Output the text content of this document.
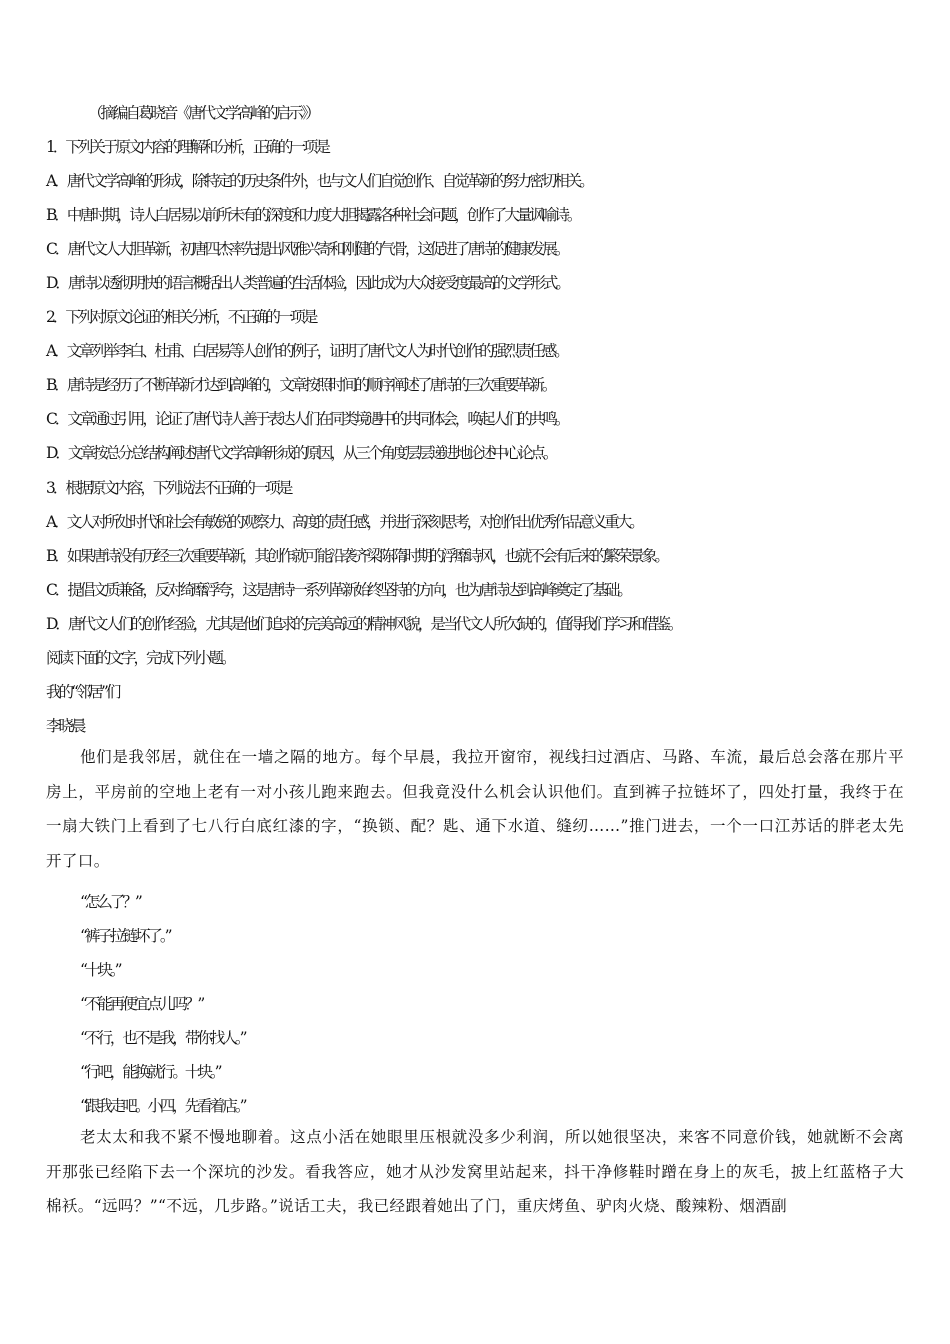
（摘编自葛晓音《唐代文学高峰的启示》）
1．下列关于原文内容的理解和分析，正确的一项是
A．唐代文学高峰的形成，除特定的历史条件外，也与文人们自觉创作、自觉革新的努力密切相关。
B．中唐时期，诗人白居易以前所未有的深度和力度大胆揭露各种社会问题，创作了大量讽喻诗。
C．唐代文人大胆革新，初唐四杰率先提出风雅兴寄和刚健的气骨，这促进了唐诗的健康发展。
D．唐诗以透彻明快的语言概括出人类普遍的生活体验，因此成为大众接受度最高的文学形式。
2．下列对原文论证的相关分析，不正确的一项是
A．文章列举李白、杜甫、白居易等人创作的例子，证明了唐代文人为时代创作的强烈责任感。
B．唐诗是经历了不断革新才达到高峰的，文章按照时间的顺序阐述了唐诗的三次重要革新。
C．文章通过引用，论证了唐代诗人善于表达人们在同类境遇中的共同体会，唤起人们的共鸣。
D．文章按总分总结构阐述唐代文学高峰形成的原因，从三个角度层层递进地论述中心论点。
3．根据原文内容，下列说法不正确的一项是
A．文人对所处时代和社会有敏锐的观察力、高度的责任感，并进行深刻思考，对创作出优秀作品意义重大。
B．如果唐诗没有历经三次重要革新，其创作就可能沿袭齐梁陈隋时期的浮靡诗风，也就不会有后来的繁荣景象。
C．提倡文质兼备，反对绮靡浮夸，这是唐诗一系列革新始终坚持的方向，也为唐诗达到高峰奠定了基础。
D．唐代文人们的创作经验，尤其是他们追求的完美高远的精神风貌，是当代文人所欠缺的，值得我们学习和借鉴。
阅读下面的文字，完成下列小题。
我的“邻居”们
李晓晨
他们是我邻居，就住在一墙之隔的地方。每个早晨，我拉开窗帘，视线扫过酒店、马路、车流，最后总会落在那片平房上，平房前的空地上老有一对小孩儿跑来跑去。但我竟没什么机会认识他们。直到裤子拉链坏了，四处打量，我终于在一扇大铁门上看到了七八行白底红漆的字，“换锁、配？匙、通下水道、缝纫……”推门进去，一个一口江苏话的胖老太先开了口。
“怎么了？”
“裤子拉链坏了。”
“十块。”
“不能再便宜点儿吗？”
“不行，也不是我，带你找人。”
“行吧，能换就行。十块。”
“跟我走吧。小四，先看着店。”
老太太和我不紧不慢地聊着。这点小活在她眼里压根就没多少利润，所以她很坚决，来客不同意价钱，她就断不会离开那张已经陷下去一个深坑的沙发。看我答应，她才从沙发窝里站起来，抖干净修鞋时蹭在身上的灰毛，披上红蓝格子大棉袄。“远吗？”“不远，几步路。”说话工夫，我已经跟着她出了门，重庆烤鱼、驴肉火烧、酸辣粉、烟酒副
